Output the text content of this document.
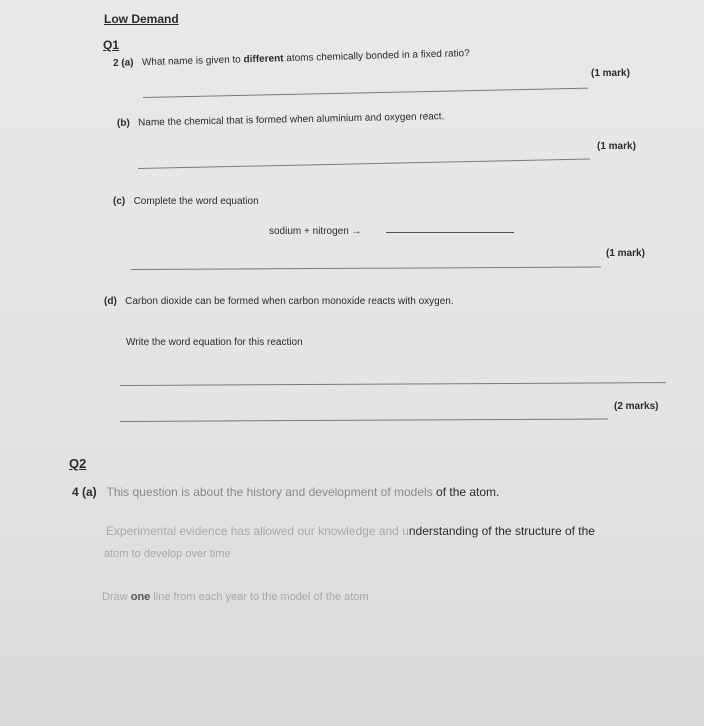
Low Demand
Q1
2 (a) What name is given to different atoms chemically bonded in a fixed ratio?
(1 mark)
(b) Name the chemical that is formed when aluminium and oxygen react.
(1 mark)
(c) Complete the word equation
sodium + nitrogen →
(1 mark)
(d) Carbon dioxide can be formed when carbon monoxide reacts with oxygen.
Write the word equation for this reaction
(2 marks)
Q2
4 (a) This question is about the history and development of models of the atom.
Experimental evidence has allowed our knowledge and understanding of the structure of the
atom to develop over time
Draw one line from each year to the model of the atom
